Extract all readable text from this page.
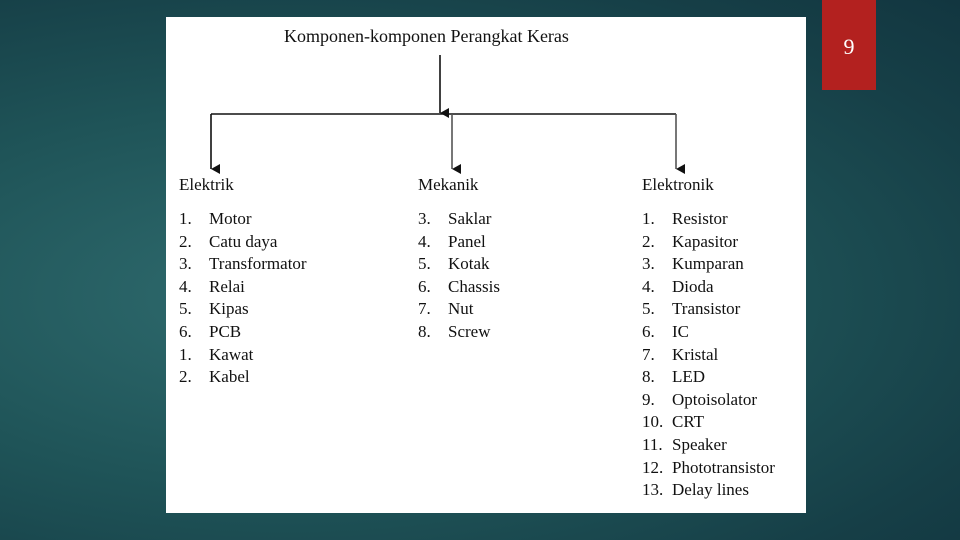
9
Komponen-komponen Perangkat Keras
Elektrik
1.	Motor
2.	Catu daya
3.	Transformator
4.	Relai
5.	Kipas
6.	PCB
1.	Kawat
2.	Kabel
Mekanik
3.	Saklar
4.	Panel
5.	Kotak
6.	Chassis
7.	Nut
8.	Screw
Elektronik
1.	Resistor
2.	Kapasitor
3.	Kumparan
4.	Dioda
5.	Transistor
6.	IC
7.	Kristal
8.	LED
9.	Optoisolator
10. CRT
11. Speaker
12. Phototransistor
13. Delay lines
